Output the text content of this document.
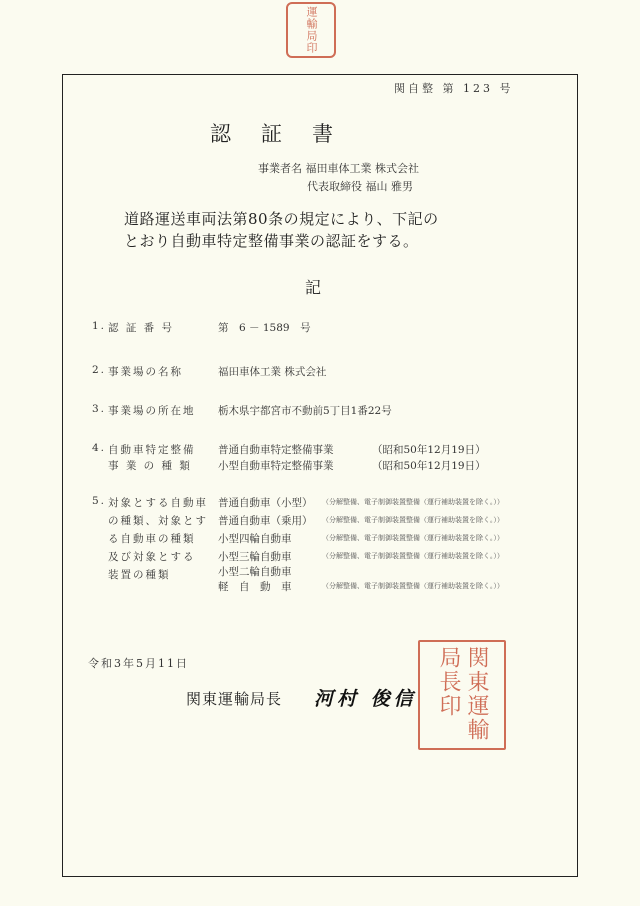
運輸局印
関自整 第 123 号
認証書
事業者名 福田車体工業 株式会社
代表取締役 福山 雅男
道路運送車両法第80条の規定により、下記の
とおり自動車特定整備事業の認証をする。
記
1. 認 証 番 号	第　6 － 1589　号
2. 事業場の名称	福田車体工業 株式会社
3. 事業場の所在地 栃木県宇都宮市不動前5丁目1番22号
4. 自動車特定整備
事 業 の 種 類
普通自動車特定整備事業	（昭和50年12月19日）
小型自動車特定整備事業	（昭和50年12月19日）
5. 対象とする自動車
の種類、対象とす
る自動車の種類
及び対象とする
装置の種類
普通自動車（小型） （分解整備、電子制御装置整備（運行補助装置を除く。））
普通自動車（乗用） （分解整備、電子制御装置整備（運行補助装置を除く。））
小型四輪自動車	（分解整備、電子制御装置整備（運行補助装置を除く。））
小型三輪自動車	（分解整備、電子制御装置整備（運行補助装置を除く。））
小型二輪自動車
軽　自　動　車	（分解整備、電子制御装置整備（運行補助装置を除く。））
令和3年5月11日
関東運輸局長 河村 俊信	関東運輸局長印
